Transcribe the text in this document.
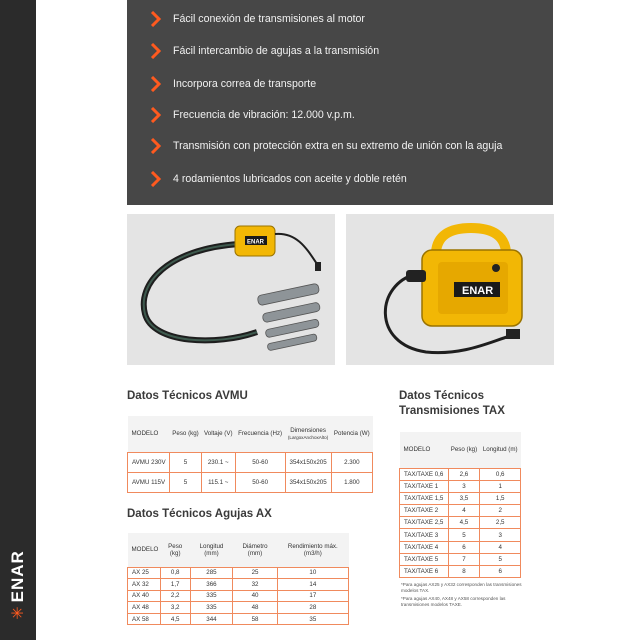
✳ENAR
Fácil conexión de transmisiones al motor
Fácil intercambio de agujas a la transmisión
Incorpora correa de transporte
Frecuencia de vibración: 12.000 v.p.m.
Transmisión con protección extra en su extremo de unión con la aguja
4 rodamientos lubricados con aceite y doble retén
ENAR
ENAR
Datos Técnicos AVMU
MODELO	Peso (kg)	Voltaje (V)	Frecuencia (Hz)	Dimensiones
(LargoxAnchoxAlto)	Potencia (W)
AVMU 230V	5	230.1 ~	50-60	354x150x205	2.300
AVMU 115V	5	115.1 ~	50-60	354x150x205	1.800
Datos Técnicos Agujas AX
MODELO	Peso (kg)	Longitud (mm)	Diámetro (mm)	Rendimiento máx. (m3/h)
AX 25	0,8	285	25	10
AX 32	1,7	366	32	14
AX 40	2,2	335	40	17
AX 48	3,2	335	48	28
AX 58	4,5	344	58	35
Datos Técnicos
Transmisiones TAX
MODELO	Peso (kg)	Longitud (m)
TAX/TAXE 0,6	2,6	0,6
TAX/TAXE 1	3	1
TAX/TAXE 1,5	3,5	1,5
TAX/TAXE 2	4	2
TAX/TAXE 2,5	4,5	2,5
TAX/TAXE 3	5	3
TAX/TAXE 4	6	4
TAX/TAXE 5	7	5
TAX/TAXE 6	8	6
*Para agujas AX25 y AX32 corresponden las transmisiones modelos TAX.
*Para agujas AX40, AX48 y AX58 corresponden las transmisiones modelos TAXE.
